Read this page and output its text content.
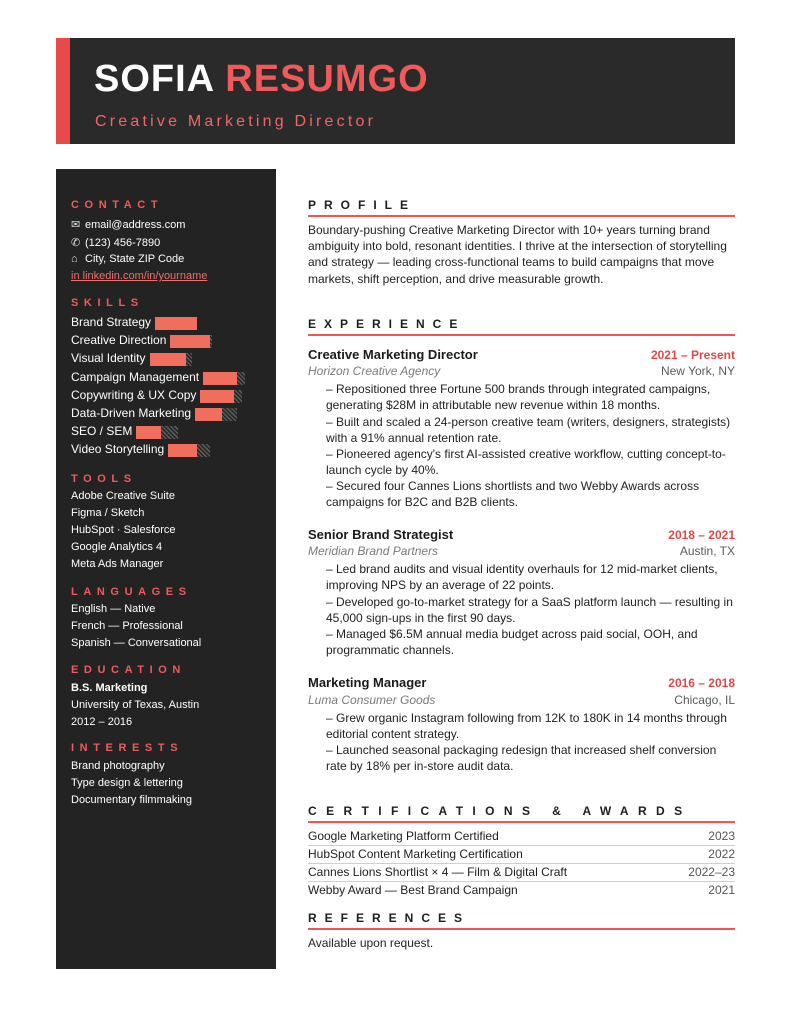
SOFIA RESUMGO
Creative Marketing Director
CONTACT
✉ email@address.com
✆ (123) 456-7890
⌂ City, State ZIP Code
in linkedin.com/in/yourname
SKILLS
Brand Strategy
Creative Direction
Visual Identity
Campaign Management
Copywriting & UX Copy
Data-Driven Marketing
SEO / SEM
Video Storytelling
TOOLS
Adobe Creative Suite
Figma / Sketch
HubSpot · Salesforce
Google Analytics 4
Meta Ads Manager
LANGUAGES
English — Native
French — Professional
Spanish — Conversational
EDUCATION
B.S. Marketing
University of Texas, Austin
2012 – 2016
INTERESTS
Brand photography
Type design & lettering
Documentary filmmaking
PROFILE
Boundary-pushing Creative Marketing Director with 10+ years turning brand ambiguity into bold, resonant identities. I thrive at the intersection of storytelling and strategy — leading cross-functional teams to build campaigns that move markets, shift perception, and drive measurable growth.
EXPERIENCE
Creative Marketing Director	2021 – Present
Horizon Creative Agency	New York, NY
– Repositioned three Fortune 500 brands through integrated campaigns, generating $28M in attributable new revenue within 18 months.
– Built and scaled a 24-person creative team (writers, designers, strategists) with a 91% annual retention rate.
– Pioneered agency's first AI-assisted creative workflow, cutting concept-to-launch cycle by 40%.
– Secured four Cannes Lions shortlists and two Webby Awards across campaigns for B2C and B2B clients.
Senior Brand Strategist	2018 – 2021
Meridian Brand Partners	Austin, TX
– Led brand audits and visual identity overhauls for 12 mid-market clients, improving NPS by an average of 22 points.
– Developed go-to-market strategy for a SaaS platform launch — resulting in 45,000 sign-ups in the first 90 days.
– Managed $6.5M annual media budget across paid social, OOH, and programmatic channels.
Marketing Manager	2016 – 2018
Luma Consumer Goods	Chicago, IL
– Grew organic Instagram following from 12K to 180K in 14 months through editorial content strategy.
– Launched seasonal packaging redesign that increased shelf conversion rate by 18% per in-store audit data.
CERTIFICATIONS & AWARDS
Google Marketing Platform Certified	2023
HubSpot Content Marketing Certification	2022
Cannes Lions Shortlist × 4 — Film & Digital Craft	2022–23
Webby Award — Best Brand Campaign	2021
REFERENCES
Available upon request.
